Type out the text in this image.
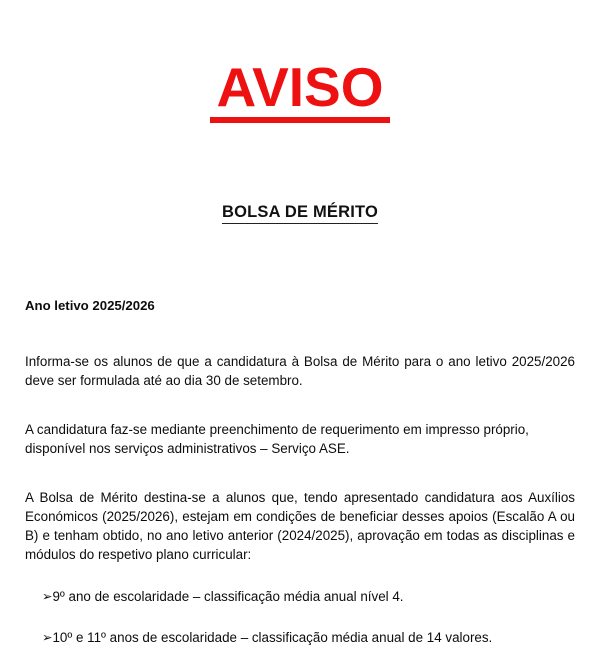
AVISO
BOLSA DE MÉRITO
Ano letivo 2025/2026

Informa-se os alunos de que a candidatura à Bolsa de Mérito para o ano letivo 2025/2026 deve ser formulada até ao dia 30 de setembro.

A candidatura faz-se mediante preenchimento de requerimento em impresso próprio, disponível nos serviços administrativos – Serviço ASE.

A Bolsa de Mérito destina-se a alunos que, tendo apresentado candidatura aos Auxílios Económicos (2025/2026), estejam em condições de beneficiar desses apoios (Escalão A ou B) e tenham obtido, no ano letivo anterior (2024/2025), aprovação em todas as disciplinas e módulos do respetivo plano curricular:

➢ 9º ano de escolaridade – classificação média anual nível 4.
➢ 10º e 11º anos de escolaridade – classificação média anual de 14 valores.
